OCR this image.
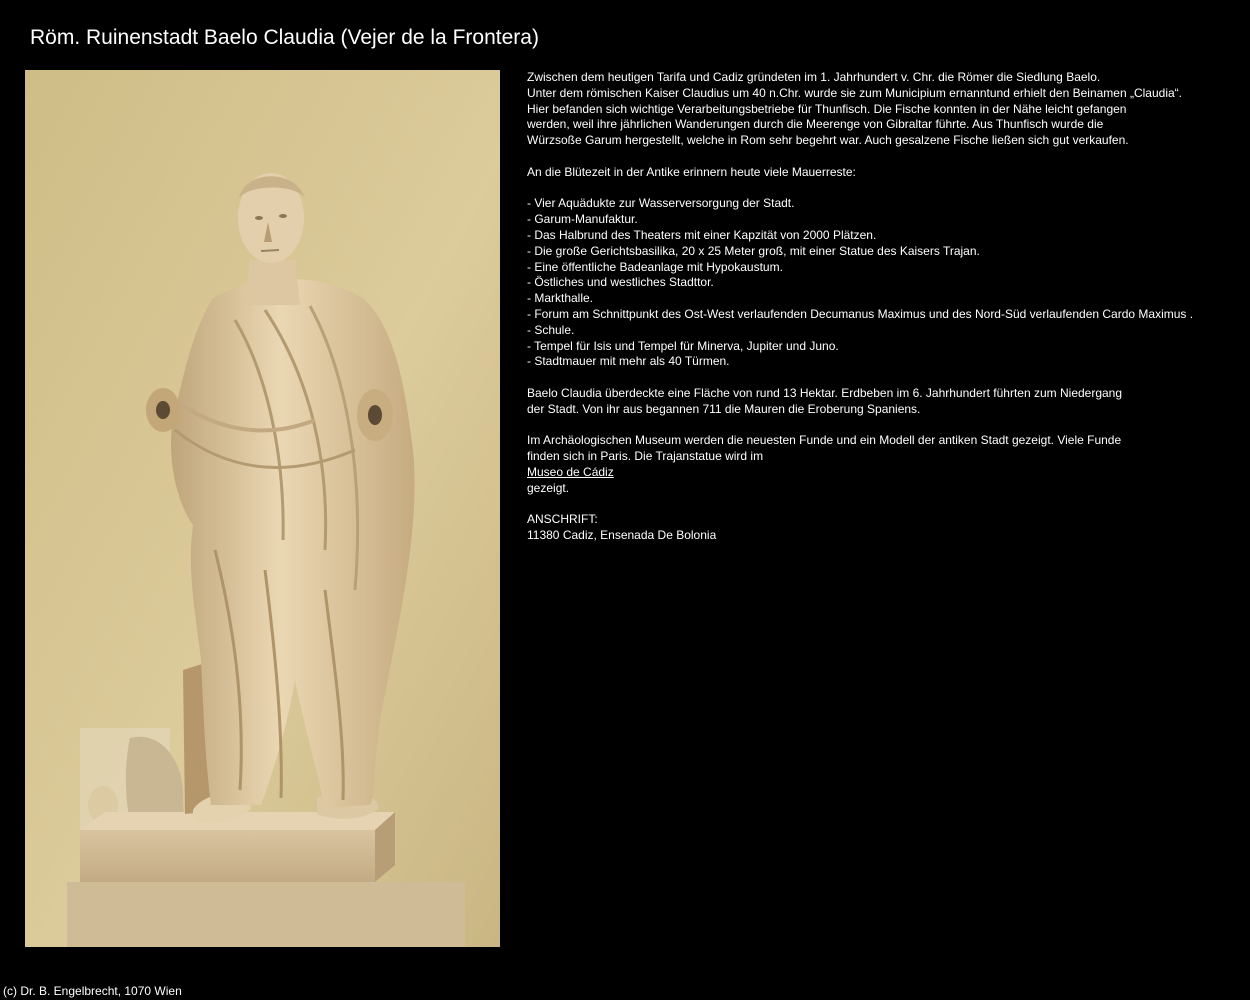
Röm. Ruinenstadt Baelo Claudia (Vejer de la Frontera)
Zwischen dem heutigen Tarifa und Cadiz gründeten im 1. Jahrhundert v. Chr. die Römer die Siedlung Baelo.
Unter dem römischen Kaiser Claudius um 40 n.Chr. wurde sie zum Municipium ernanntund erhielt den Beinamen „Claudia“.
Hier befanden sich wichtige Verarbeitungsbetriebe für Thunfisch. Die Fische konnten in der Nähe leicht gefangen
werden, weil ihre jährlichen Wanderungen durch die Meerenge von Gibraltar führte. Aus Thunfisch wurde die
Würzsoße Garum hergestellt, welche in Rom sehr begehrt war. Auch gesalzene Fische ließen sich gut verkaufen.
An die Blütezeit in der Antike erinnern heute viele Mauerreste:
- Vier Aquädukte zur Wasserversorgung der Stadt.
- Garum-Manufaktur.
- Das Halbrund des Theaters mit einer Kapzität von 2000 Plätzen.
- Die große Gerichtsbasilika, 20 x 25 Meter groß, mit einer Statue des Kaisers Trajan.
- Eine öffentliche Badeanlage mit Hypokaustum.
- Östliches und westliches Stadttor.
- Markthalle.
- Forum am Schnittpunkt des Ost-West verlaufenden Decumanus Maximus und des Nord-Süd verlaufenden Cardo Maximus .
- Schule.
- Tempel für Isis und Tempel für Minerva, Jupiter und Juno.
- Stadtmauer mit mehr als 40 Türmen.
Baelo Claudia überdeckte eine Fläche von rund 13 Hektar. Erdbeben im 6. Jahrhundert führten zum Niedergang
der Stadt. Von ihr aus begannen 711 die Mauren die Eroberung Spaniens.
Im Archäologischen Museum werden die neuesten Funde und ein Modell der antiken Stadt gezeigt. Viele Funde
finden sich in Paris. Die Trajanstatue wird im
Museo de Cádiz
gezeigt.
ANSCHRIFT:
11380 Cadiz, Ensenada De Bolonia
(c) Dr. B. Engelbrecht, 1070 Wien
